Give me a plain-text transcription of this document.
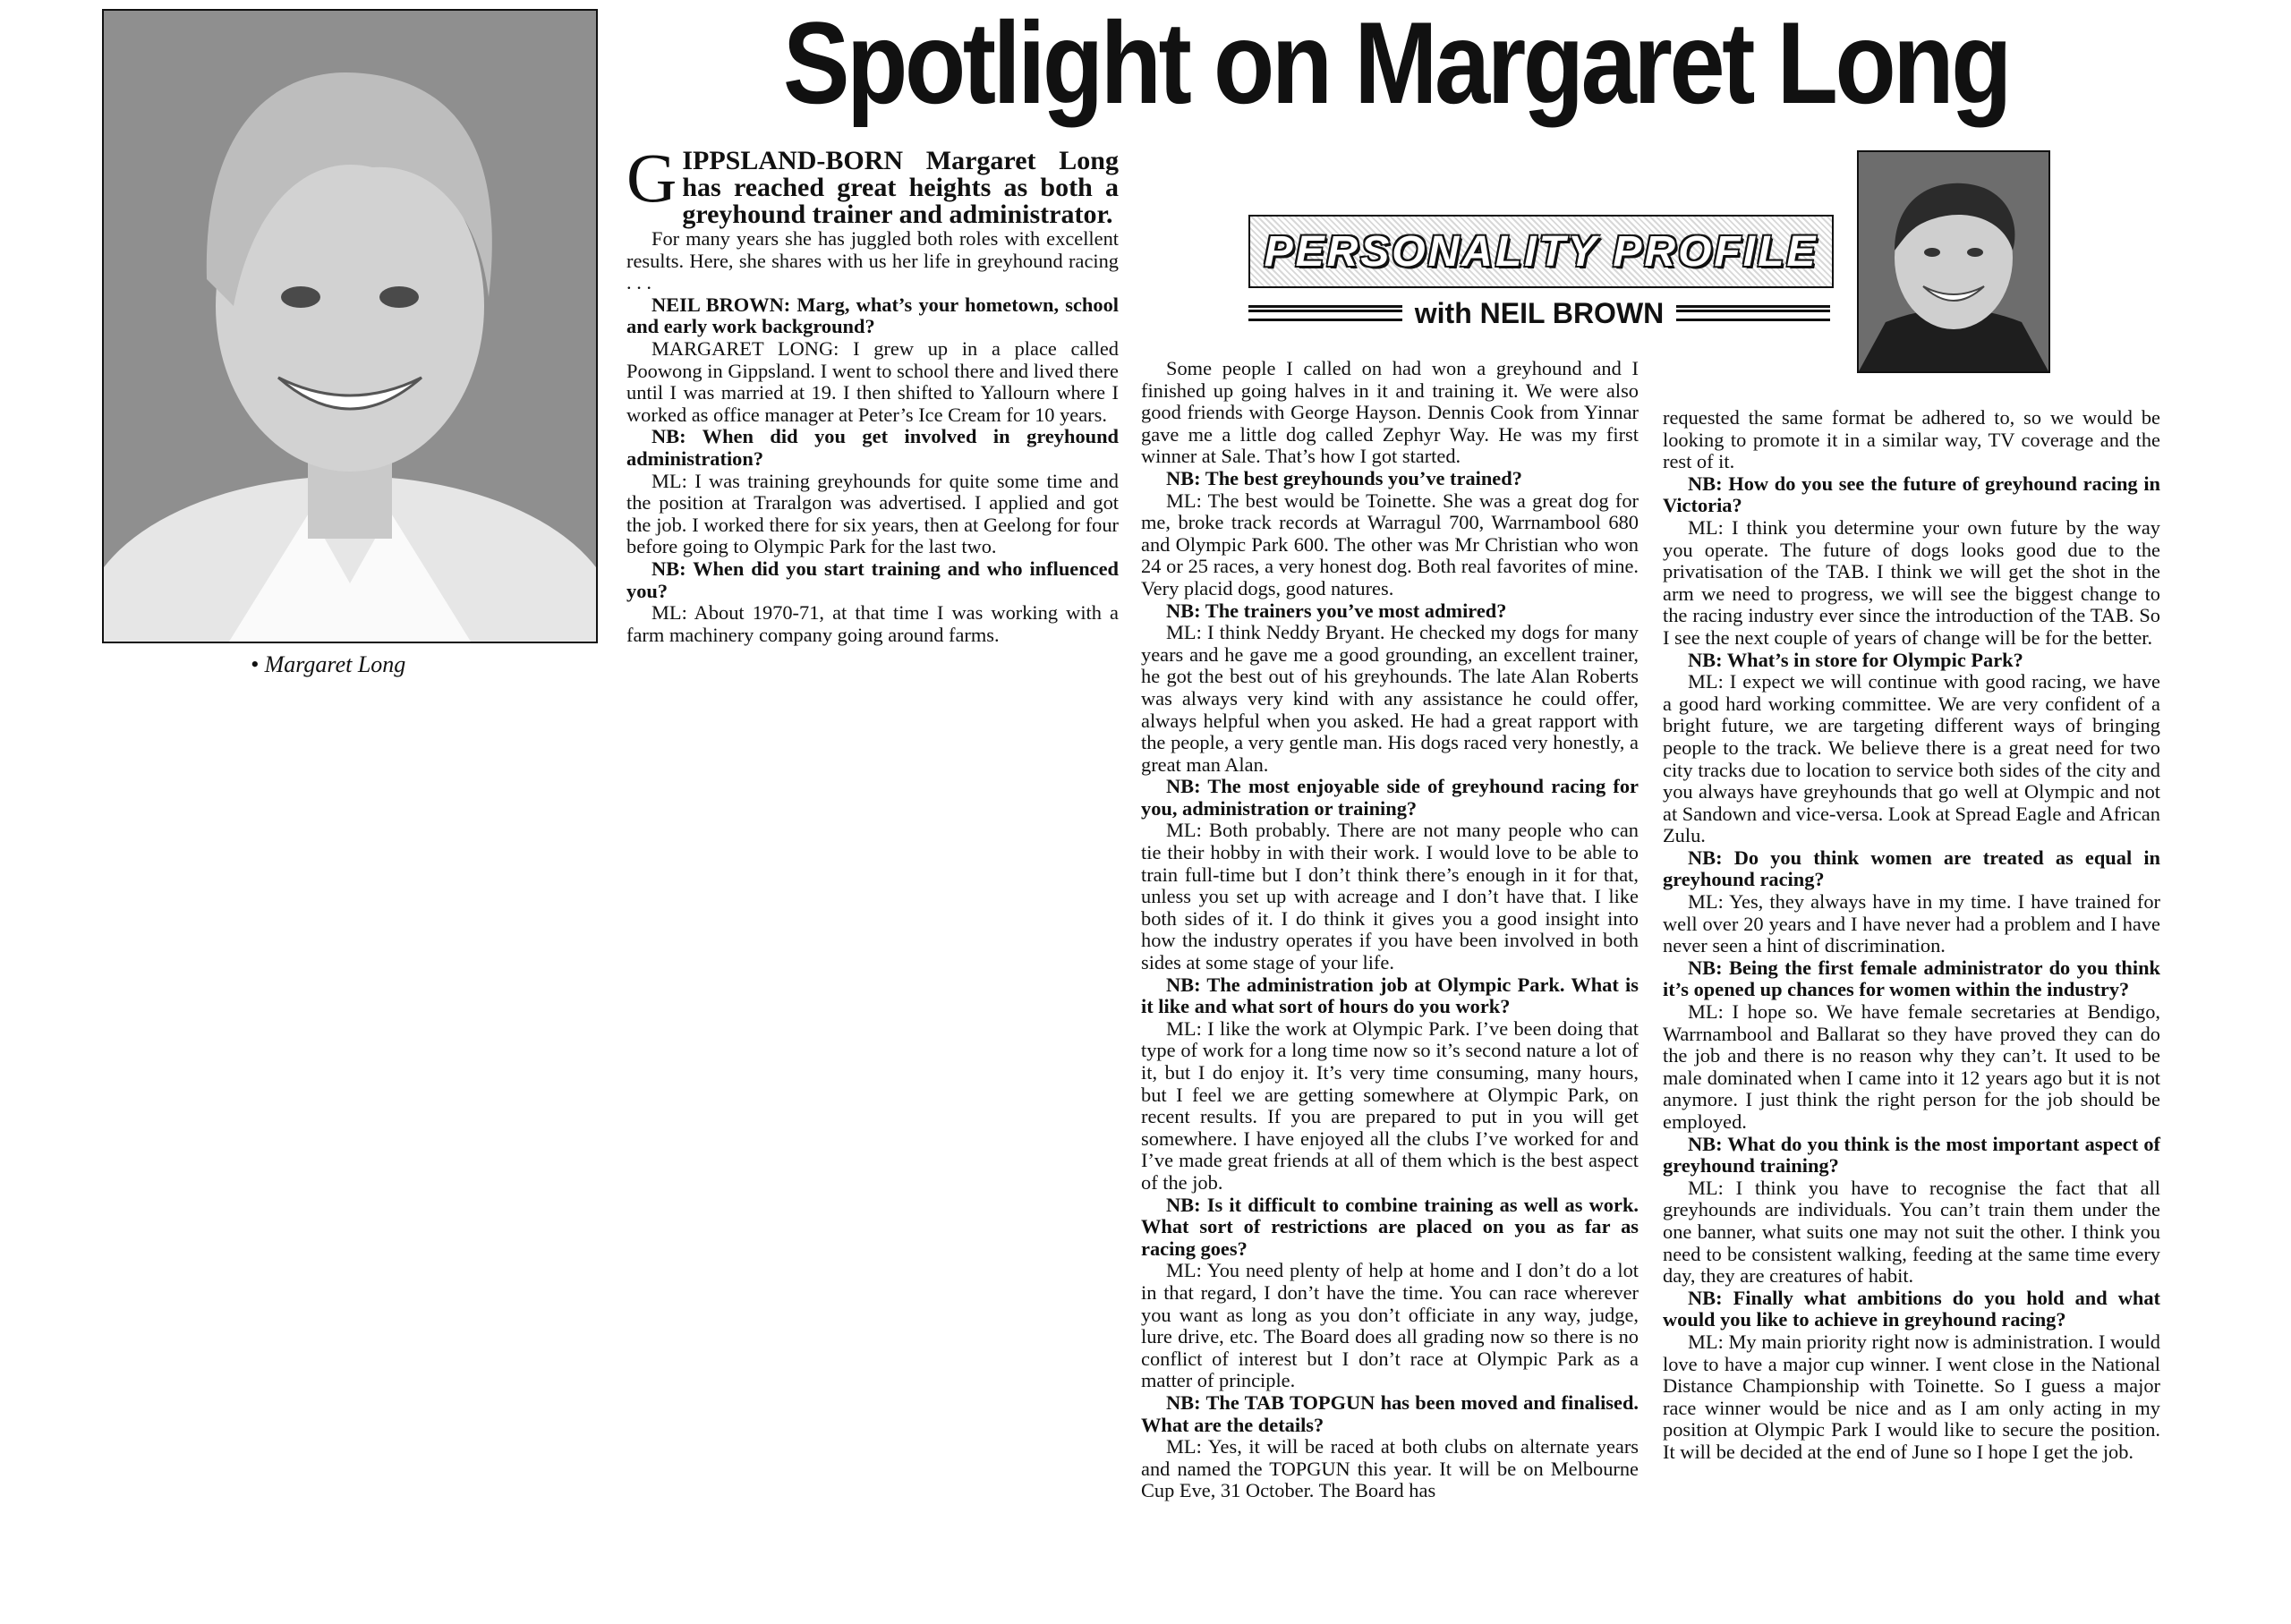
Spotlight on Margaret Long
• Margaret Long
PERSONALITY PROFILE
with NEIL BROWN

GIPPSLAND-BORN Margaret Long has reached great heights as both a greyhound trainer and administrator.

For many years she has juggled both roles with excellent results. Here, she shares with us her life in greyhound racing . . .

NEIL BROWN: Marg, what’s your hometown, school and early work background?

MARGARET LONG: I grew up in a place called Poowong in Gippsland. I went to school there and lived there until I was married at 19. I then shifted to Yallourn where I worked as office manager at Peter’s Ice Cream for 10 years.

NB: When did you get involved in greyhound administration?

ML: I was training greyhounds for quite some time and the position at Traralgon was advertised. I applied and got the job. I worked there for six years, then at Geelong for four before going to Olympic Park for the last two.

NB: When did you start training and who influenced you?

ML: About 1970-71, at that time I was working with a farm machinery company going around farms.

Some people I called on had won a greyhound and I finished up going halves in it and training it. We were also good friends with George Hayson. Dennis Cook from Yinnar gave me a little dog called Zephyr Way. He was my first winner at Sale. That’s how I got started.

NB: The best greyhounds you’ve trained?

ML: The best would be Toinette. She was a great dog for me, broke track records at Warragul 700, Warrnambool 680 and Olympic Park 600. The other was Mr Christian who won 24 or 25 races, a very honest dog. Both real favorites of mine. Very placid dogs, good natures.

NB: The trainers you’ve most admired?

ML: I think Neddy Bryant. He checked my dogs for many years and he gave me a good grounding, an excellent trainer, he got the best out of his greyhounds. The late Alan Roberts was always very kind with any assistance he could offer, always helpful when you asked. He had a great rapport with the people, a very gentle man. His dogs raced very honestly, a great man Alan.

NB: The most enjoyable side of greyhound racing for you, administration or training?

ML: Both probably. There are not many people who can tie their hobby in with their work. I would love to be able to train full-time but I don’t think there’s enough in it for that, unless you set up with acreage and I don’t have that. I like both sides of it. I do think it gives you a good insight into how the industry operates if you have been involved in both sides at some stage of your life.

NB: The administration job at Olympic Park. What is it like and what sort of hours do you work?

ML: I like the work at Olympic Park. I’ve been doing that type of work for a long time now so it’s second nature a lot of it, but I do enjoy it. It’s very time consuming, many hours, but I feel we are getting somewhere at Olympic Park, on recent results. If you are prepared to put in you will get somewhere. I have enjoyed all the clubs I’ve worked for and I’ve made great friends at all of them which is the best aspect of the job.

NB: Is it difficult to combine training as well as work. What sort of restrictions are placed on you as far as racing goes?

ML: You need plenty of help at home and I don’t do a lot in that regard, I don’t have the time. You can race wherever you want as long as you don’t officiate in any way, judge, lure drive, etc. The Board does all grading now so there is no conflict of interest but I don’t race at Olympic Park as a matter of principle.

NB: The TAB TOPGUN has been moved and finalised. What are the details?

ML: Yes, it will be raced at both clubs on alternate years and named the TOPGUN this year. It will be on Melbourne Cup Eve, 31 October. The Board has

requested the same format be adhered to, so we would be looking to promote it in a similar way, TV coverage and the rest of it.

NB: How do you see the future of greyhound racing in Victoria?

ML: I think you determine your own future by the way you operate. The future of dogs looks good due to the privatisation of the TAB. I think we will get the shot in the arm we need to progress, we will see the biggest change to the racing industry ever since the introduction of the TAB. So I see the next couple of years of change will be for the better.

NB: What’s in store for Olympic Park?

ML: I expect we will continue with good racing, we have a good hard working committee. We are very confident of a bright future, we are targeting different ways of bringing people to the track. We believe there is a great need for two city tracks due to location to service both sides of the city and you always have greyhounds that go well at Olympic and not at Sandown and vice-versa. Look at Spread Eagle and African Zulu.

NB: Do you think women are treated as equal in greyhound racing?

ML: Yes, they always have in my time. I have trained for well over 20 years and I have never had a problem and I have never seen a hint of discrimination.

NB: Being the first female administrator do you think it’s opened up chances for women within the industry?

ML: I hope so. We have female secretaries at Bendigo, Warrnambool and Ballarat so they have proved they can do the job and there is no reason why they can’t. It used to be male dominated when I came into it 12 years ago but it is not anymore. I just think the right person for the job should be employed.

NB: What do you think is the most important aspect of greyhound training?

ML: I think you have to recognise the fact that all greyhounds are individuals. You can’t train them under the one banner, what suits one may not suit the other. I think you need to be consistent walking, feeding at the same time every day, they are creatures of habit.

NB: Finally what ambitions do you hold and what would you like to achieve in greyhound racing?

ML: My main priority right now is administration. I would love to have a major cup winner. I went close in the National Distance Championship with Toinette. So I guess a major race winner would be nice and as I am only acting in my position at Olympic Park I would like to secure the position. It will be decided at the end of June so I hope I get the job.
